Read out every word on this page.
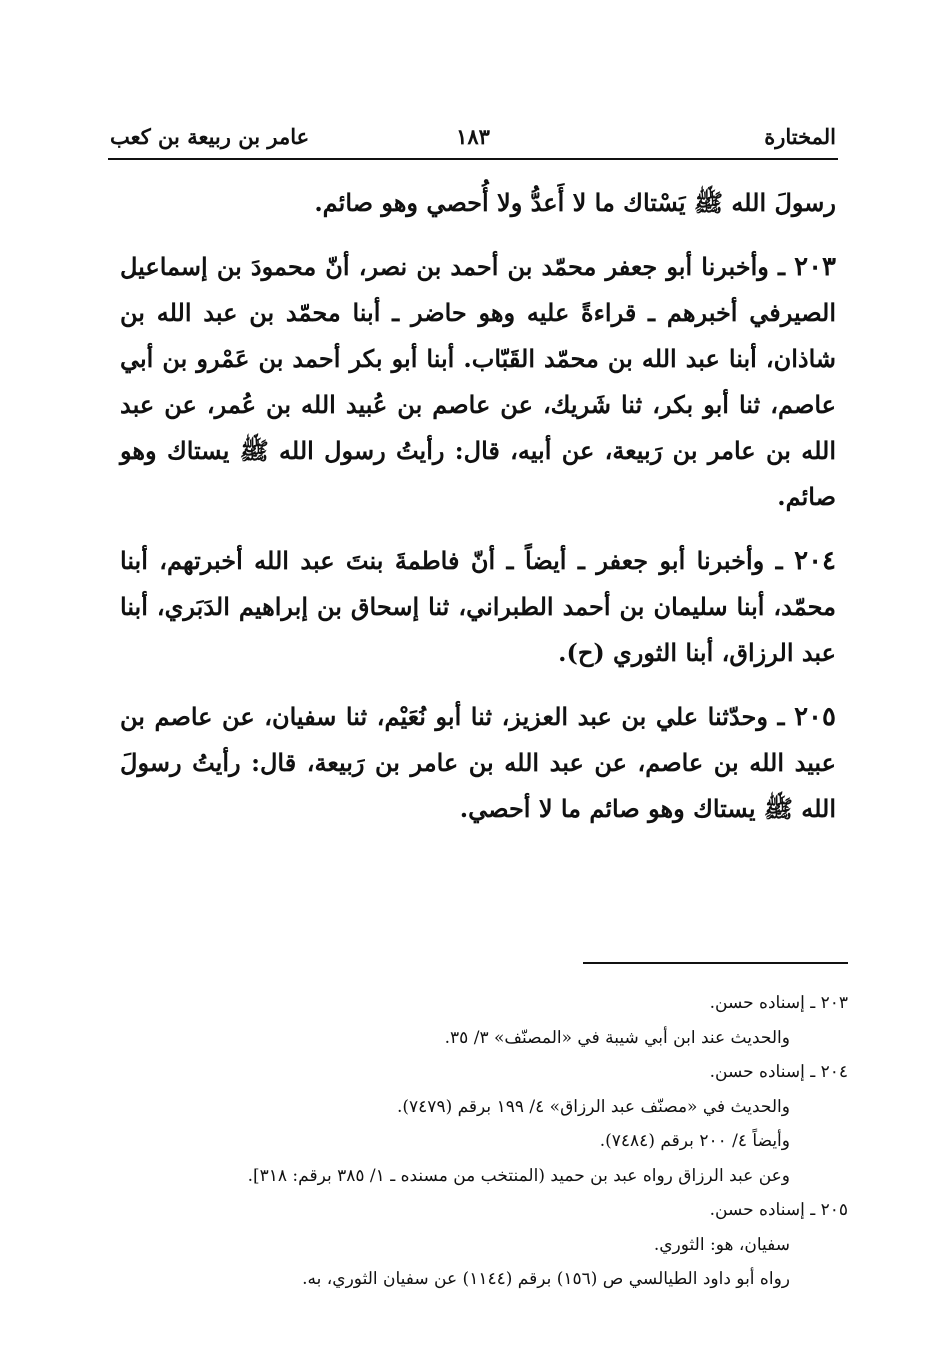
المختارة
١٨٣
عامر بن ربيعة بن كعب

رسولَ الله ﷺ يَسْتاك ما لا أَعدُّ ولا أُحصي وهو صائم.

٢٠٣ ـ وأخبرنا أبو جعفر محمّد بن أحمد بن نصر، أنّ محمودَ بن إسماعيل الصيرفي أخبرهم ـ قراءةً عليه وهو حاضر ـ أبنا محمّد بن عبد الله بن شاذان، أبنا عبد الله بن محمّد القَبّاب. أبنا أبو بكر أحمد بن عَمْرو بن أبي عاصم، ثنا أبو بكر، ثنا شَريك، عن عاصم بن عُبيد الله بن عُمر، عن عبد الله بن عامر بن رَبيعة، عن أبيه، قال: رأيتُ رسول الله ﷺ يستاك وهو صائم.

٢٠٤ ـ وأخبرنا أبو جعفر ـ أيضاً ـ أنّ فاطمةَ بنتَ عبد الله أخبرتهم، أبنا محمّد، أبنا سليمان بن أحمد الطبراني، ثنا إسحاق بن إبراهيم الدَبَري، أبنا عبد الرزاق، أبنا الثوري (ح).

٢٠٥ ـ وحدّثنا علي بن عبد العزيز، ثنا أبو نُعَيْم، ثنا سفيان، عن عاصم بن عبيد الله بن عاصم، عن عبد الله بن عامر بن رَبيعة، قال: رأيتُ رسولَ الله ﷺ يستاك وهو صائم ما لا أحصي.

٢٠٣ ـ إسناده حسن.
والحديث عند ابن أبي شيبة في «المصنّف» ٣/ ٣٥.
٢٠٤ ـ إسناده حسن.
والحديث في «مصنّف عبد الرزاق» ٤/ ١٩٩ برقم (٧٤٧٩).
وأيضاً ٤/ ٢٠٠ برقم (٧٤٨٤).
وعن عبد الرزاق رواه عبد بن حميد (المنتخب من مسنده ـ ١/ ٣٨٥ برقم: ٣١٨].
٢٠٥ ـ إسناده حسن.
سفيان، هو: الثوري.
رواه أبو داود الطيالسي ص (١٥٦) برقم (١١٤٤) عن سفيان الثوري، به.
